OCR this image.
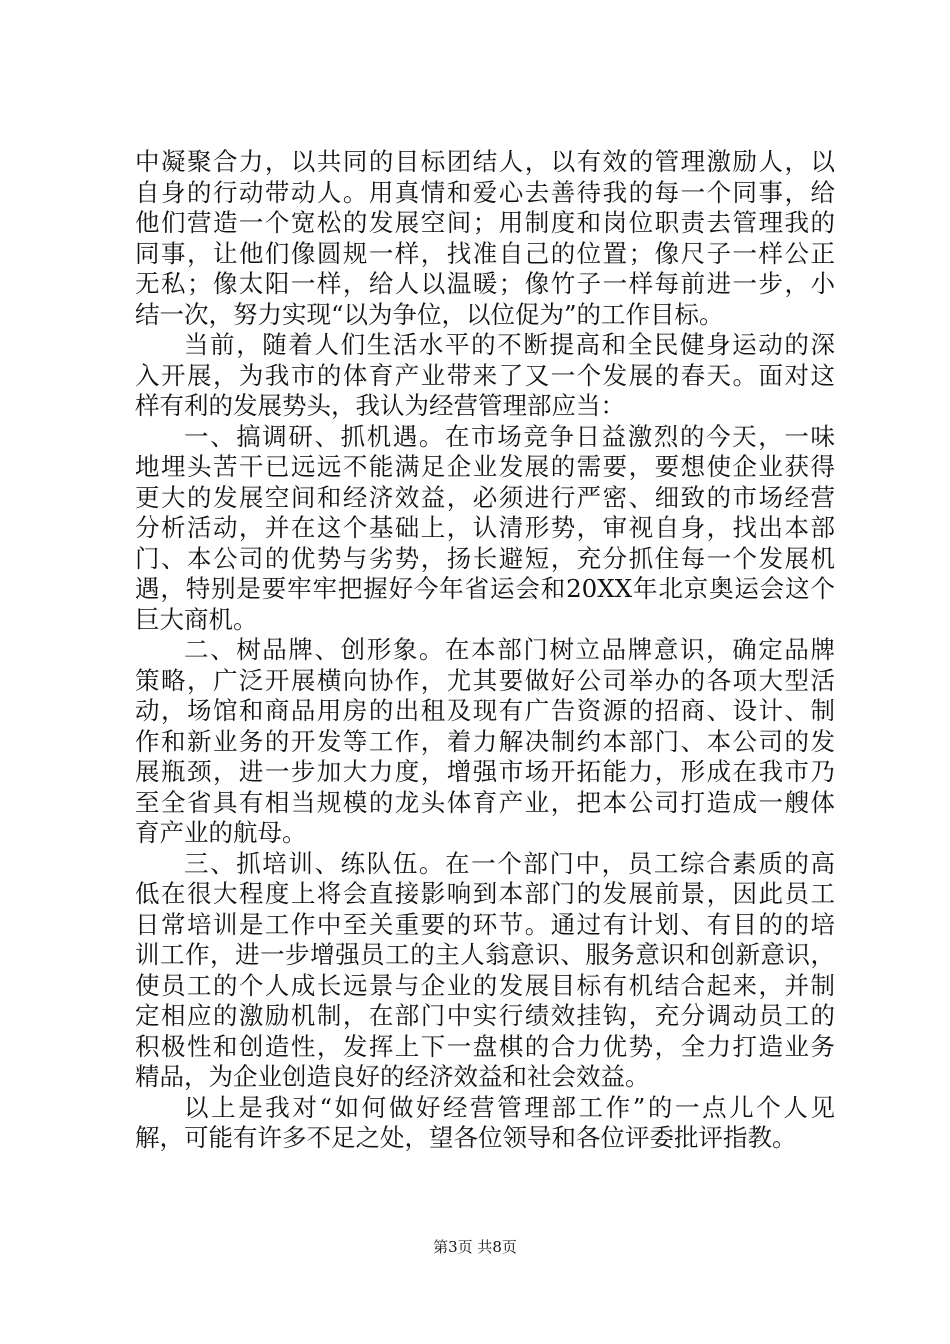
中凝聚合力，以共同的目标团结人，以有效的管理激励人，以
自身的行动带动人。用真情和爱心去善待我的每一个同事，给
他们营造一个宽松的发展空间；用制度和岗位职责去管理我的
同事，让他们像圆规一样，找准自己的位置；像尺子一样公正
无私；像太阳一样，给人以温暖；像竹子一样每前进一步，小
结一次，努力实现“以为争位，以位促为”的工作目标。
当前，随着人们生活水平的不断提高和全民健身运动的深
入开展，为我市的体育产业带来了又一个发展的春天。面对这
样有利的发展势头，我认为经营管理部应当：
一、搞调研、抓机遇。在市场竞争日益激烈的今天，一味
地埋头苦干已远远不能满足企业发展的需要，要想使企业获得
更大的发展空间和经济效益，必须进行严密、细致的市场经营
分析活动，并在这个基础上，认清形势，审视自身，找出本部
门、本公司的优势与劣势，扬长避短，充分抓住每一个发展机
遇，特别是要牢牢把握好今年省运会和20XX年北京奥运会这个
巨大商机。
二、树品牌、创形象。在本部门树立品牌意识，确定品牌
策略，广泛开展横向协作，尤其要做好公司举办的各项大型活
动，场馆和商品用房的出租及现有广告资源的招商、设计、制
作和新业务的开发等工作，着力解决制约本部门、本公司的发
展瓶颈，进一步加大力度，增强市场开拓能力，形成在我市乃
至全省具有相当规模的龙头体育产业，把本公司打造成一艘体
育产业的航母。
三、抓培训、练队伍。在一个部门中，员工综合素质的高
低在很大程度上将会直接影响到本部门的发展前景，因此员工
日常培训是工作中至关重要的环节。通过有计划、有目的的培
训工作，进一步增强员工的主人翁意识、服务意识和创新意识，
使员工的个人成长远景与企业的发展目标有机结合起来，并制
定相应的激励机制，在部门中实行绩效挂钩，充分调动员工的
积极性和创造性，发挥上下一盘棋的合力优势，全力打造业务
精品，为企业创造良好的经济效益和社会效益。
以上是我对“如何做好经营管理部工作”的一点儿个人见
解，可能有许多不足之处，望各位领导和各位评委批评指教。
第3页 共8页
